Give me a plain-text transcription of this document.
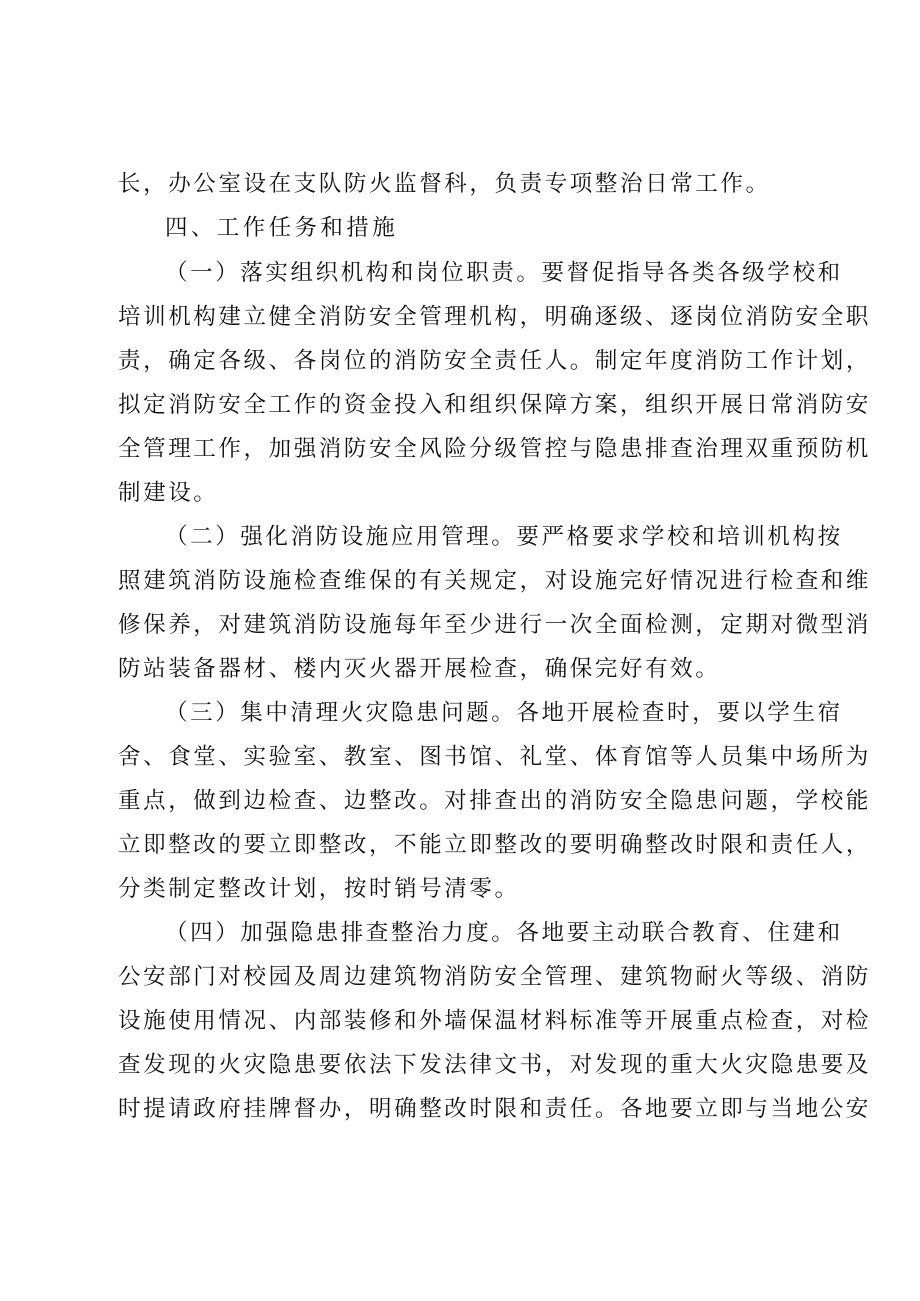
长，办公室设在支队防火监督科，负责专项整治日常工作。
四、工作任务和措施
（一）落实组织机构和岗位职责。要督促指导各类各级学校和
培训机构建立健全消防安全管理机构，明确逐级、逐岗位消防安全职
责，确定各级、各岗位的消防安全责任人。制定年度消防工作计划，
拟定消防安全工作的资金投入和组织保障方案，组织开展日常消防安
全管理工作，加强消防安全风险分级管控与隐患排查治理双重预防机
制建设。
（二）强化消防设施应用管理。要严格要求学校和培训机构按
照建筑消防设施检查维保的有关规定，对设施完好情况进行检查和维
修保养，对建筑消防设施每年至少进行一次全面检测，定期对微型消
防站装备器材、楼内灭火器开展检查，确保完好有效。
（三）集中清理火灾隐患问题。各地开展检查时，要以学生宿
舍、食堂、实验室、教室、图书馆、礼堂、体育馆等人员集中场所为
重点，做到边检查、边整改。对排查出的消防安全隐患问题，学校能
立即整改的要立即整改，不能立即整改的要明确整改时限和责任人，
分类制定整改计划，按时销号清零。
（四）加强隐患排查整治力度。各地要主动联合教育、住建和
公安部门对校园及周边建筑物消防安全管理、建筑物耐火等级、消防
设施使用情况、内部装修和外墙保温材料标准等开展重点检查，对检
查发现的火灾隐患要依法下发法律文书，对发现的重大火灾隐患要及
时提请政府挂牌督办，明确整改时限和责任。各地要立即与当地公安
